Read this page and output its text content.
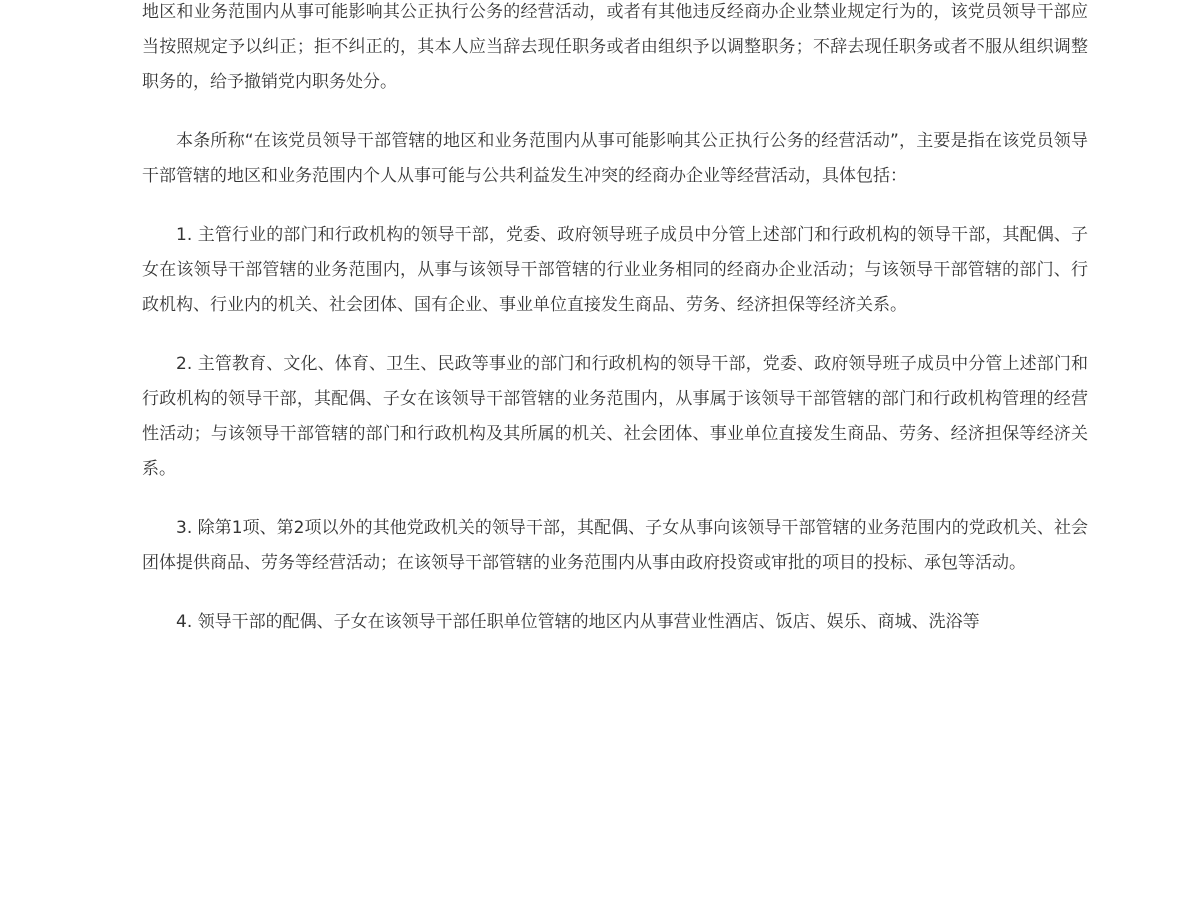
地区和业务范围内从事可能影响其公正执行公务的经营活动，或者有其他违反经商办企业禁业规定行为的，该党员领导干部应当按照规定予以纠正；拒不纠正的，其本人应当辞去现任职务或者由组织予以调整职务；不辞去现任职务或者不服从组织调整职务的，给予撤销党内职务处分。

本条所称“在该党员领导干部管辖的地区和业务范围内从事可能影响其公正执行公务的经营活动”，主要是指在该党员领导干部管辖的地区和业务范围内个人从事可能与公共利益发生冲突的经商办企业等经营活动，具体包括：

1. 主管行业的部门和行政机构的领导干部，党委、政府领导班子成员中分管上述部门和行政机构的领导干部，其配偶、子女在该领导干部管辖的业务范围内，从事与该领导干部管辖的行业业务相同的经商办企业活动；与该领导干部管辖的部门、行政机构、行业内的机关、社会团体、国有企业、事业单位直接发生商品、劳务、经济担保等经济关系。

2. 主管教育、文化、体育、卫生、民政等事业的部门和行政机构的领导干部，党委、政府领导班子成员中分管上述部门和行政机构的领导干部，其配偶、子女在该领导干部管辖的业务范围内，从事属于该领导干部管辖的部门和行政机构管理的经营性活动；与该领导干部管辖的部门和行政机构及其所属的机关、社会团体、事业单位直接发生商品、劳务、经济担保等经济关系。

3. 除第1项、第2项以外的其他党政机关的领导干部，其配偶、子女从事向该领导干部管辖的业务范围内的党政机关、社会团体提供商品、劳务等经营活动；在该领导干部管辖的业务范围内从事由政府投资或审批的项目的投标、承包等活动。

4. 领导干部的配偶、子女在该领导干部任职单位管辖的地区内从事营业性酒店、饭店、娱乐、商城、洗浴等
